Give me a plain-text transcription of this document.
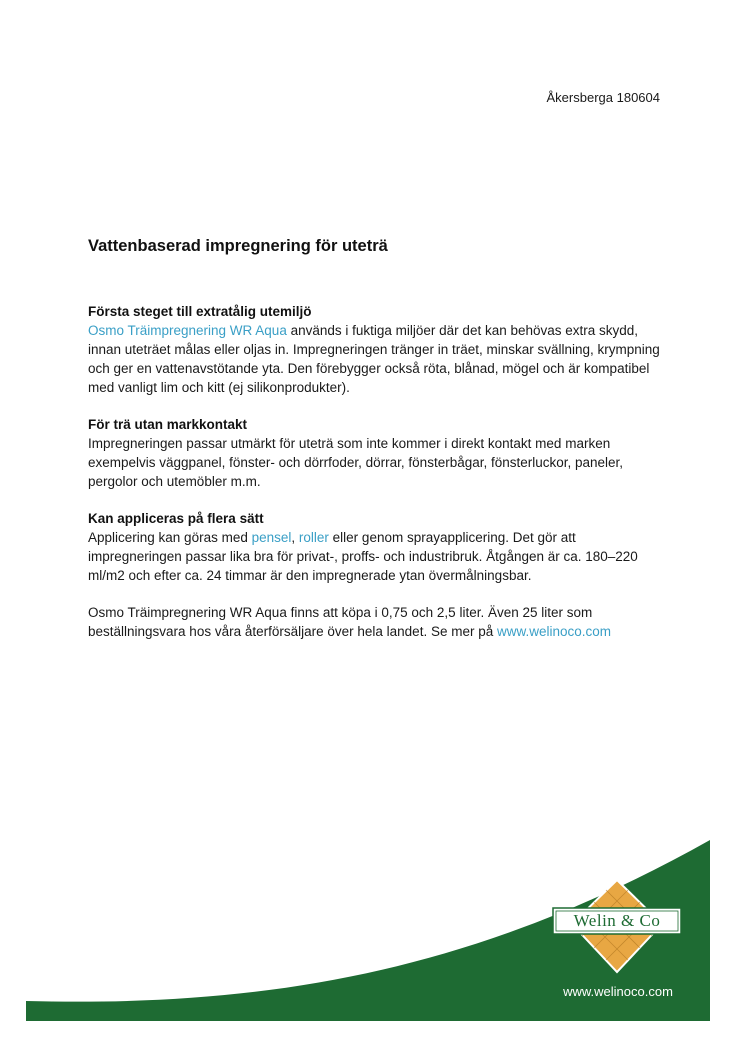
Åkersberga 180604
Vattenbaserad impregnering för uteträ
Första steget till extratålig utemiljö

Osmo Träimpregnering WR Aqua används i fuktiga miljöer där det kan behövas extra skydd, innan uteträet målas eller oljas in. Impregneringen tränger in träet, minskar svällning, krympning och ger en vattenavstötande yta. Den förebygger också röta, blånad, mögel och är kompatibel med vanligt lim och kitt (ej silikonprodukter).

För trä utan markkontakt

Impregneringen passar utmärkt för uteträ som inte kommer i direkt kontakt med marken exempelvis väggpanel, fönster- och dörrfoder, dörrar, fönsterbågar, fönsterluckor, paneler, pergolor och utemöbler m.m.

Kan appliceras på flera sätt

Applicering kan göras med pensel, roller eller genom sprayapplicering. Det gör att impregneringen passar lika bra för privat-, proffs- och industribruk. Åtgången är ca. 180–220 ml/m2 och efter ca. 24 timmar är den impregnerade ytan övermålningsbar.

Osmo Träimpregnering WR Aqua finns att köpa i 0,75 och 2,5 liter. Även 25 liter som beställningsvara hos våra återförsäljare över hela landet. Se mer på www.welinoco.com

Welin & Co
www.welinoco.com
